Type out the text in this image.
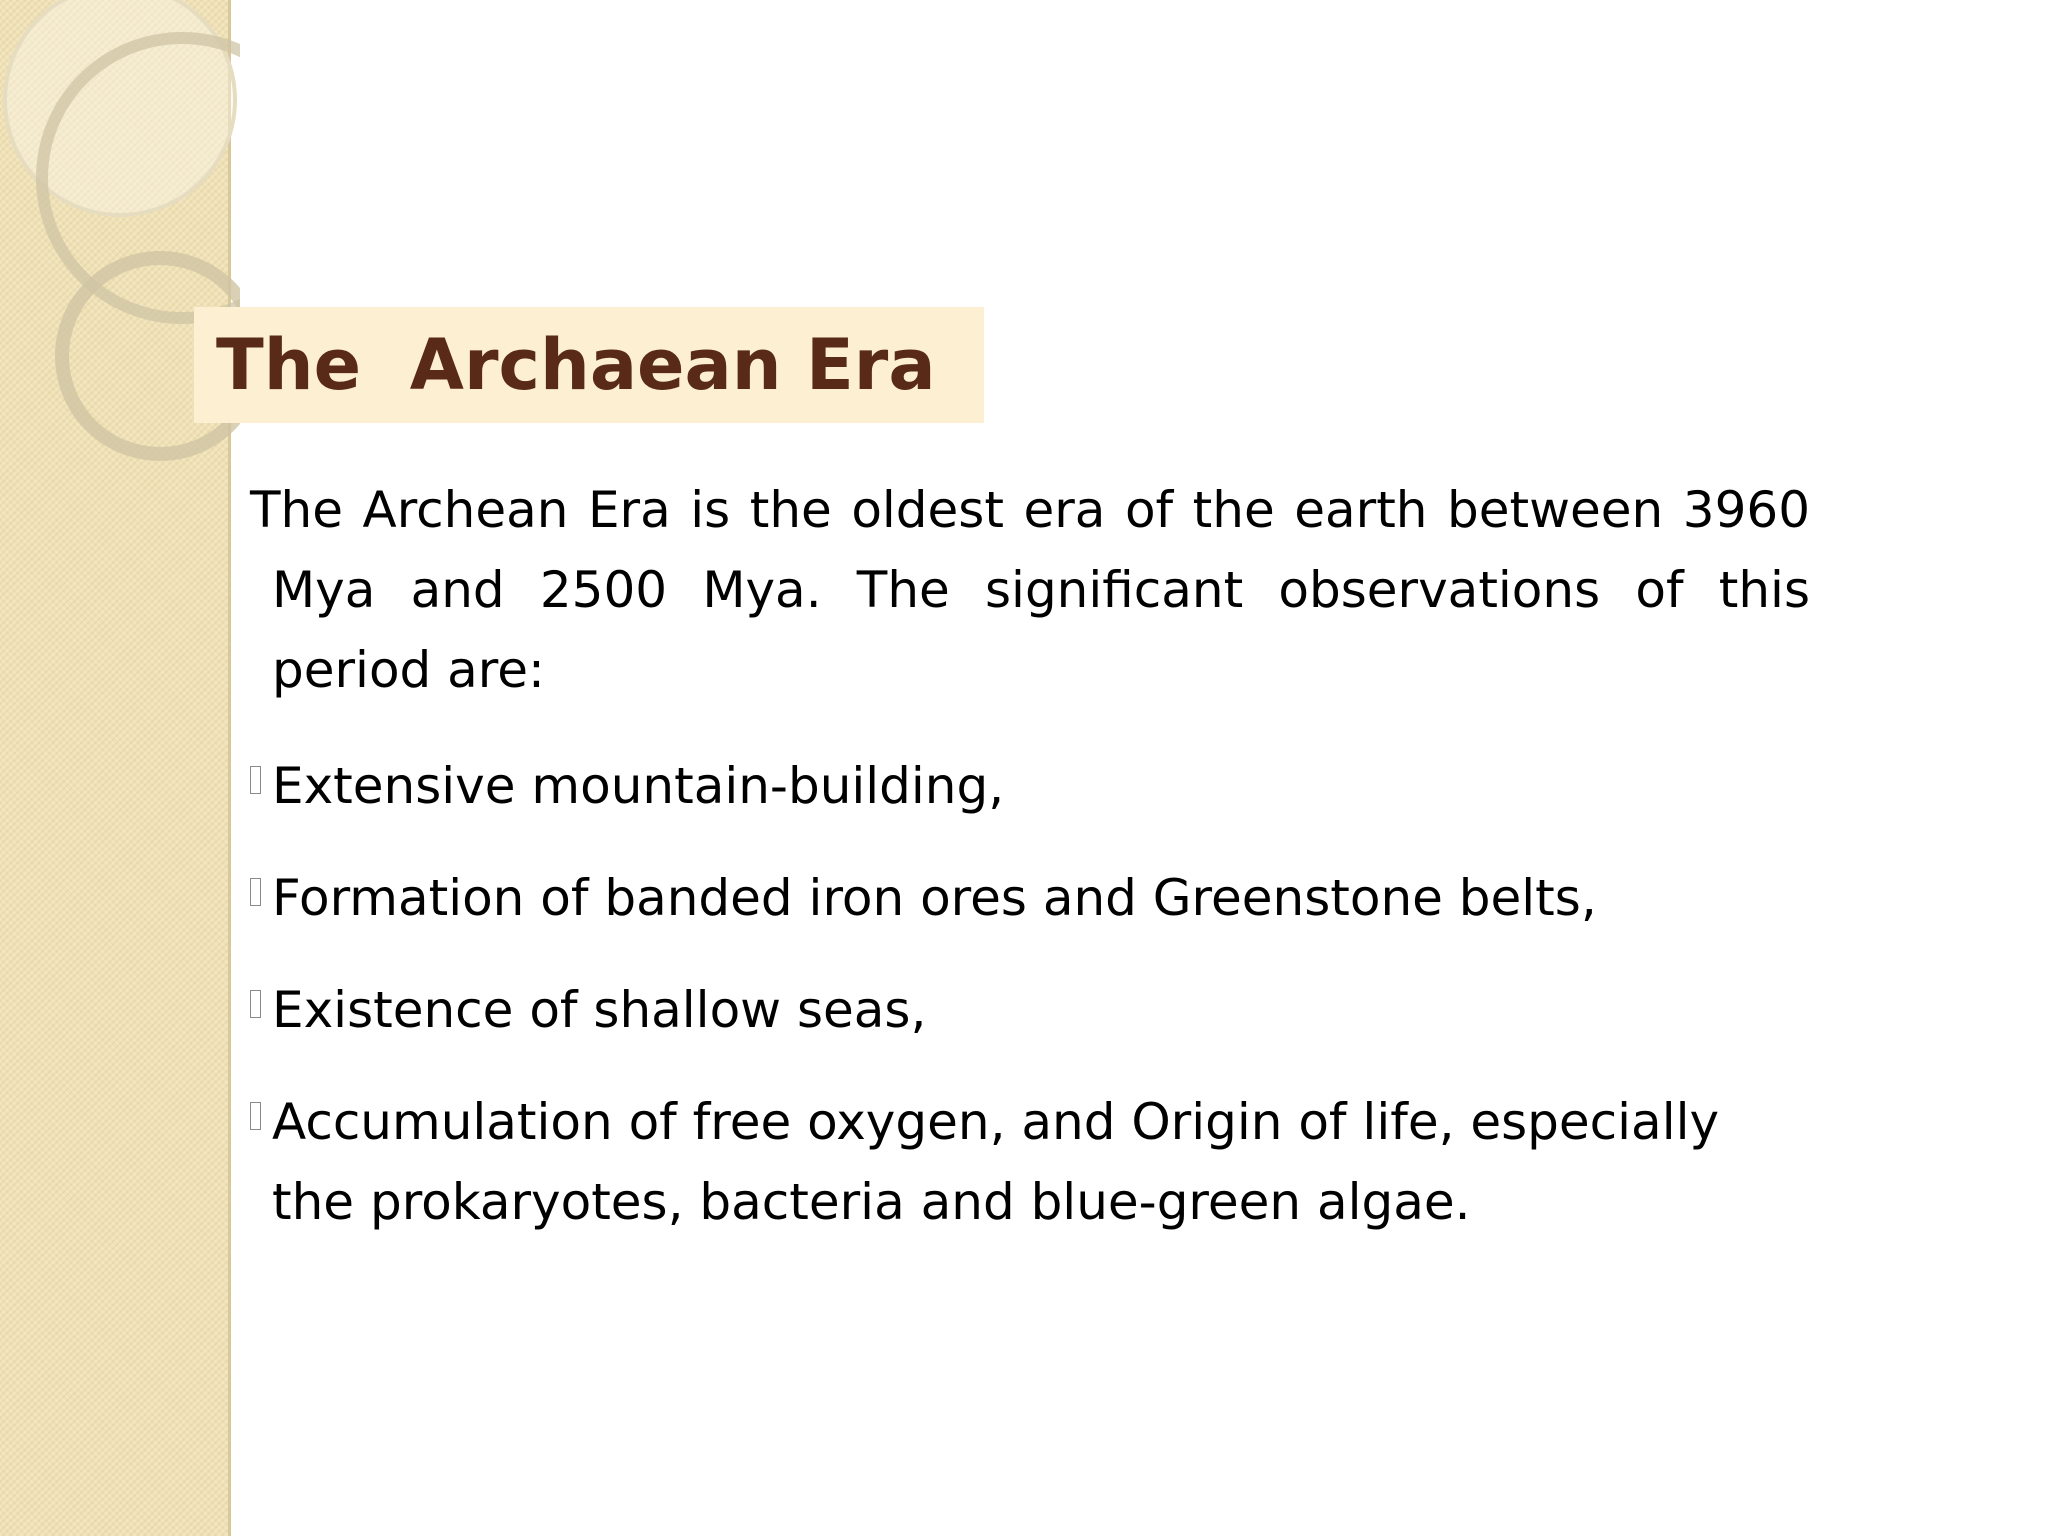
The  Archaean Era

The Archean Era is the oldest era of the earth between 3960 Mya and 2500 Mya. The significant observations of this period are:

Extensive mountain-building,
Formation of banded iron ores and Greenstone belts,
Existence of shallow seas,
Accumulation of free oxygen, and Origin of life, especially the prokaryotes, bacteria and blue-green algae.
